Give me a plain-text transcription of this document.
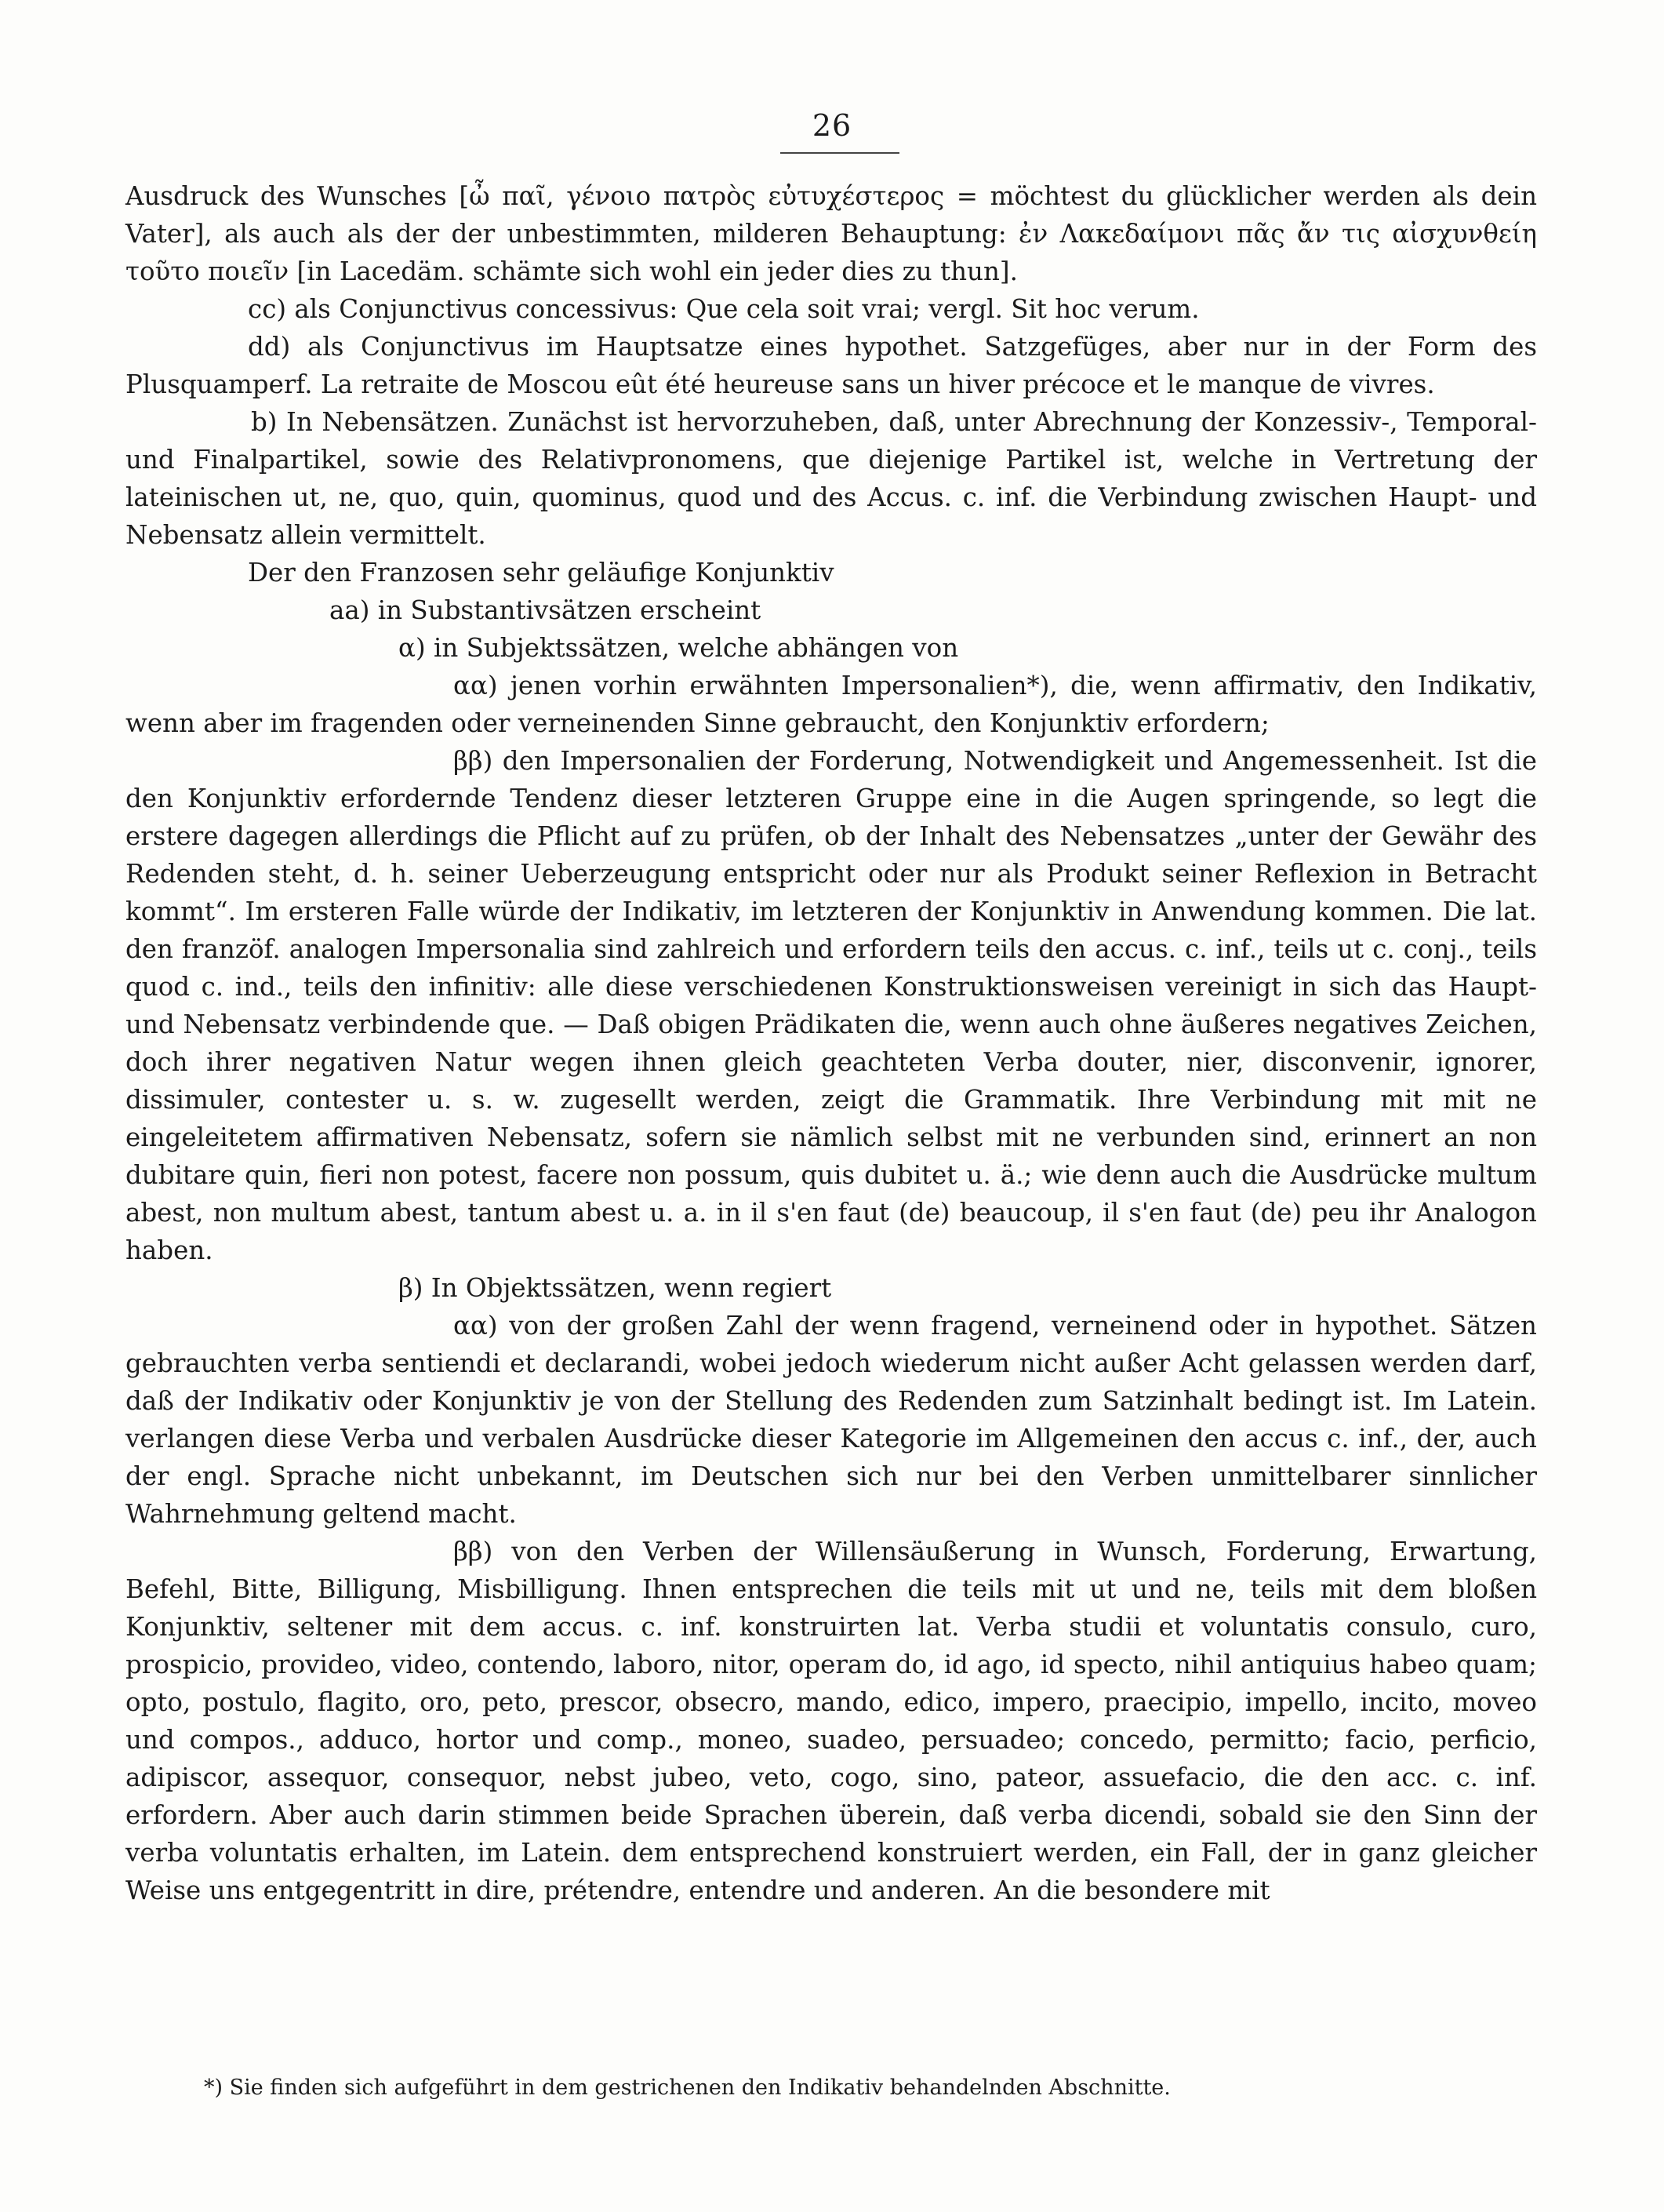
26

Ausdruck des Wunsches [ὦ παῖ, γένοιο πατρὸς εὐτυχέστερος = möchtest du glücklicher werden als dein Vater], als auch als der der unbestimmten, milderen Behauptung: ἐν Λακεδαίμονι πᾶς ἄν τις αἰσχυνθείη τοῦτο ποιεῖν [in Lacedäm. schämte sich wohl ein jeder dies zu thun].

cc) als Conjunctivus concessivus: Que cela soit vrai; vergl. Sit hoc verum.

dd) als Conjunctivus im Hauptsatze eines hypothet. Satzgefüges, aber nur in der Form des Plusquamperf. La retraite de Moscou eût été heureuse sans un hiver précoce et le manque de vivres.

b) In Nebensätzen. Zunächst ist hervorzuheben, daß, unter Abrechnung der Konzessiv-, Temporal- und Finalpartikel, sowie des Relativpronomens, que diejenige Partikel ist, welche in Vertretung der lateinischen ut, ne, quo, quin, quominus, quod und des Accus. c. inf. die Verbindung zwischen Haupt- und Nebensatz allein vermittelt.

Der den Franzosen sehr geläufige Konjunktiv

aa) in Substantivsätzen erscheint

α) in Subjektssätzen, welche abhängen von

αα) jenen vorhin erwähnten Impersonalien*), die, wenn affirmativ, den Indikativ, wenn aber im fragenden oder verneinenden Sinne gebraucht, den Konjunktiv erfordern;

ββ) den Impersonalien der Forderung, Notwendigkeit und Angemessenheit. Ist die den Konjunktiv erfordernde Tendenz dieser letzteren Gruppe eine in die Augen springende, so legt die erstere dagegen allerdings die Pflicht auf zu prüfen, ob der Inhalt des Nebensatzes „unter der Gewähr des Redenden steht, d. h. seiner Ueberzeugung entspricht oder nur als Produkt seiner Reflexion in Betracht kommt“. Im ersteren Falle würde der Indikativ, im letzteren der Konjunktiv in Anwendung kommen. Die lat. den franzöf. analogen Impersonalia sind zahlreich und erfordern teils den accus. c. inf., teils ut c. conj., teils quod c. ind., teils den infinitiv: alle diese verschiedenen Konstruktionsweisen vereinigt in sich das Haupt- und Nebensatz verbindende que. — Daß obigen Prädikaten die, wenn auch ohne äußeres negatives Zeichen, doch ihrer negativen Natur wegen ihnen gleich geachteten Verba douter, nier, disconvenir, ignorer, dissimuler, contester u. s. w. zugesellt werden, zeigt die Grammatik. Ihre Verbindung mit mit ne eingeleitetem affirmativen Nebensatz, sofern sie nämlich selbst mit ne verbunden sind, erinnert an non dubitare quin, fieri non potest, facere non possum, quis dubitet u. ä.; wie denn auch die Ausdrücke multum abest, non multum abest, tantum abest u. a. in il s'en faut (de) beaucoup, il s'en faut (de) peu ihr Analogon haben.

β) In Objektssätzen, wenn regiert

αα) von der großen Zahl der wenn fragend, verneinend oder in hypothet. Sätzen gebrauchten verba sentiendi et declarandi, wobei jedoch wiederum nicht außer Acht gelassen werden darf, daß der Indikativ oder Konjunktiv je von der Stellung des Redenden zum Satzinhalt bedingt ist. Im Latein. verlangen diese Verba und verbalen Ausdrücke dieser Kategorie im Allgemeinen den accus c. inf., der, auch der engl. Sprache nicht unbekannt, im Deutschen sich nur bei den Verben unmittelbarer sinnlicher Wahrnehmung geltend macht.

ββ) von den Verben der Willensäußerung in Wunsch, Forderung, Erwartung, Befehl, Bitte, Billigung, Misbilligung. Ihnen entsprechen die teils mit ut und ne, teils mit dem bloßen Konjunktiv, seltener mit dem accus. c. inf. konstruirten lat. Verba studii et voluntatis consulo, curo, prospicio, provideo, video, contendo, laboro, nitor, operam do, id ago, id specto, nihil antiquius habeo quam; opto, postulo, flagito, oro, peto, prescor, obsecro, mando, edico, impero, praecipio, impello, incito, moveo und compos., adduco, hortor und comp., moneo, suadeo, persuadeo; concedo, permitto; facio, perficio, adipiscor, assequor, consequor, nebst jubeo, veto, cogo, sino, pateor, assuefacio, die den acc. c. inf. erfordern. Aber auch darin stimmen beide Sprachen überein, daß verba dicendi, sobald sie den Sinn der verba voluntatis erhalten, im Latein. dem entsprechend konstruiert werden, ein Fall, der in ganz gleicher Weise uns entgegentritt in dire, prétendre, entendre und anderen. An die besondere mit

*) Sie finden sich aufgeführt in dem gestrichenen den Indikativ behandelnden Abschnitte.
